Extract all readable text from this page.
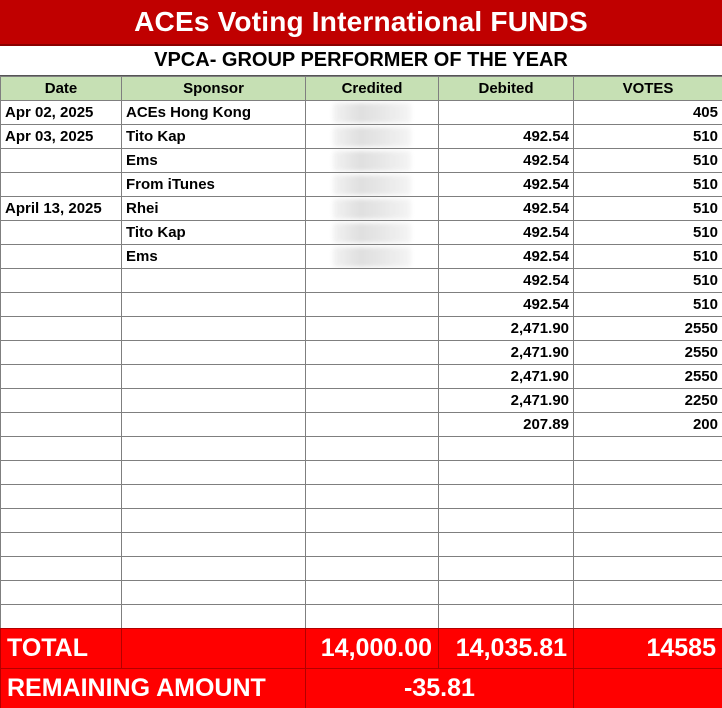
ACEs Voting International FUNDS
VPCA- GROUP PERFORMER OF THE YEAR
Date	Sponsor	Credited	Debited	VOTES
Apr 02, 2025	ACEs Hong Kong			405
Apr 03, 2025	Tito Kap		492.54	510
	Ems		492.54	510
	From iTunes		492.54	510
April 13, 2025	Rhei		492.54	510
	Tito Kap		492.54	510
	Ems		492.54	510
			492.54	510
			492.54	510
			2,471.90	2550
			2,471.90	2550
			2,471.90	2550
			2,471.90	2250
			207.89	200

TOTAL		14,000.00	14,035.81	14585
REMAINING AMOUNT		-35.81		
